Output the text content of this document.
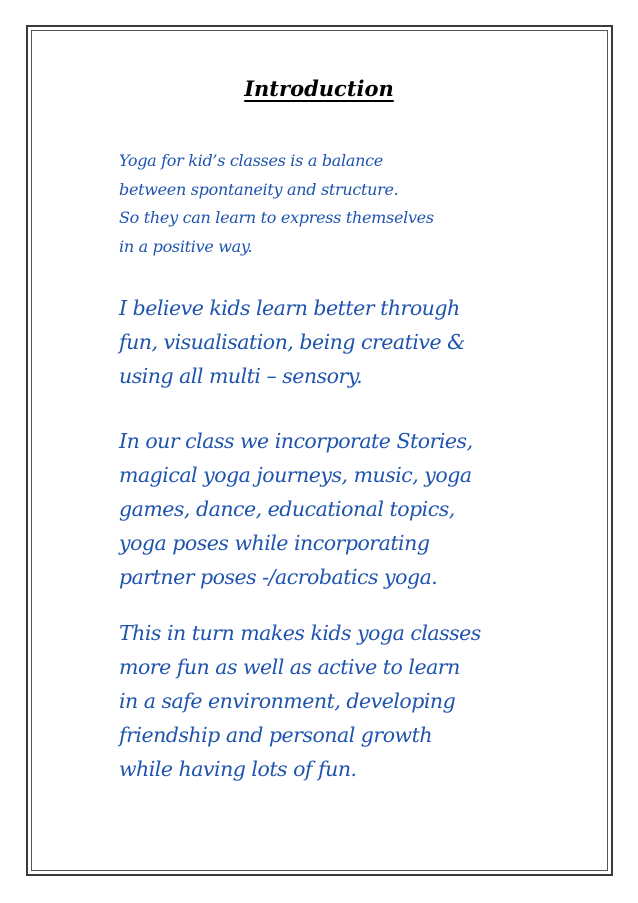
Introduction
Yoga for kid’s classes is a balance
between spontaneity and structure.
So they can learn to express themselves
in a positive way.
I believe kids learn better through
fun, visualisation, being creative &
using all multi – sensory.
In our class we incorporate Stories,
magical yoga journeys, music, yoga
games, dance, educational topics,
yoga poses while incorporating
partner poses -/acrobatics yoga.
This in turn makes kids yoga classes
more fun as well as active to learn
in a safe environment, developing
friendship and personal growth
while having lots of fun.
